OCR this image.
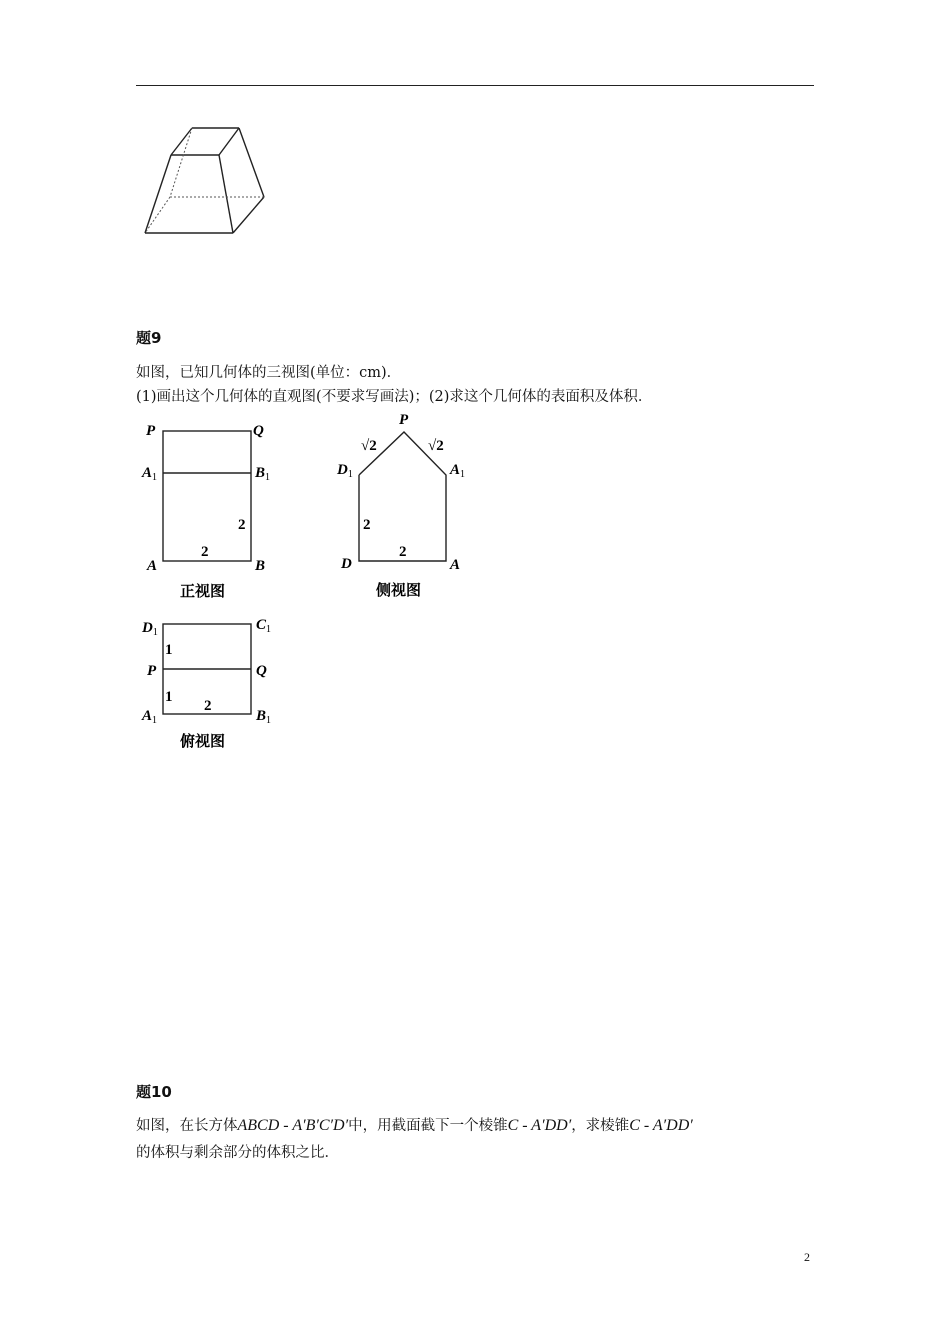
题9
如图，已知几何体的三视图(单位：cm)．
(1)画出这个几何体的直观图(不要求写画法)；(2)求这个几何体的表面积及体积．
P	Q
$A_1$	$B_1$
2
2
A	B
正视图
P
√2	√2
$D_1$	$A_1$
2
2
D	A
侧视图
$D_1$	$C_1$
1
P	Q
1
2
$A_1$	$B_1$
俯视图
题10
如图，在长方体ABCD - A′B′C′D′中，用截面截下一个棱锥C - A′DD′，求棱锥C - A′DD′
的体积与剩余部分的体积之比．
2
